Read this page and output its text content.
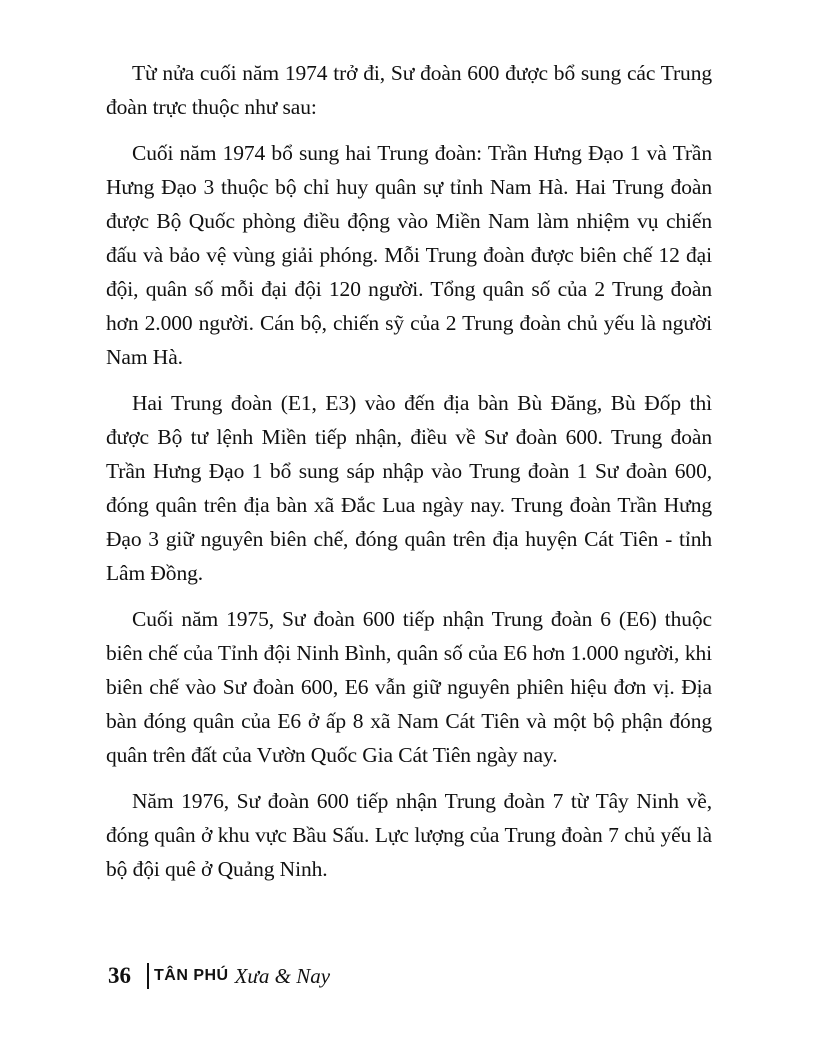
Từ nửa cuối năm 1974 trở đi, Sư đoàn 600 được bổ sung các Trung đoàn trực thuộc như sau:

Cuối năm 1974 bổ sung hai Trung đoàn: Trần Hưng Đạo 1 và Trần Hưng Đạo 3 thuộc bộ chỉ huy quân sự tỉnh Nam Hà. Hai Trung đoàn được Bộ Quốc phòng điều động vào Miền Nam làm nhiệm vụ chiến đấu và bảo vệ vùng giải phóng. Mỗi Trung đoàn được biên chế 12 đại đội, quân số mỗi đại đội 120 người. Tổng quân số của 2 Trung đoàn hơn 2.000 người. Cán bộ, chiến sỹ của 2 Trung đoàn chủ yếu là người Nam Hà.

Hai Trung đoàn (E1, E3) vào đến địa bàn Bù Đăng, Bù Đốp thì được Bộ tư lệnh Miền tiếp nhận, điều về Sư đoàn 600. Trung đoàn Trần Hưng Đạo 1 bổ sung sáp nhập vào Trung đoàn 1 Sư đoàn 600, đóng quân trên địa bàn xã Đắc Lua ngày nay. Trung đoàn Trần Hưng Đạo 3 giữ nguyên biên chế, đóng quân trên địa huyện Cát Tiên - tỉnh Lâm Đồng.

Cuối năm 1975, Sư đoàn 600 tiếp nhận Trung đoàn 6 (E6) thuộc biên chế của Tỉnh đội Ninh Bình, quân số của E6 hơn 1.000 người, khi biên chế vào Sư đoàn 600, E6 vẫn giữ nguyên phiên hiệu đơn vị. Địa bàn đóng quân của E6 ở ấp 8 xã Nam Cát Tiên và một bộ phận đóng quân trên đất của Vườn Quốc Gia Cát Tiên ngày nay.

Năm 1976, Sư đoàn 600 tiếp nhận Trung đoàn 7 từ Tây Ninh về, đóng quân ở khu vực Bầu Sấu. Lực lượng của Trung đoàn 7 chủ yếu là bộ đội quê ở Quảng Ninh.

36 TÂN PHÚ Xưa & Nay
